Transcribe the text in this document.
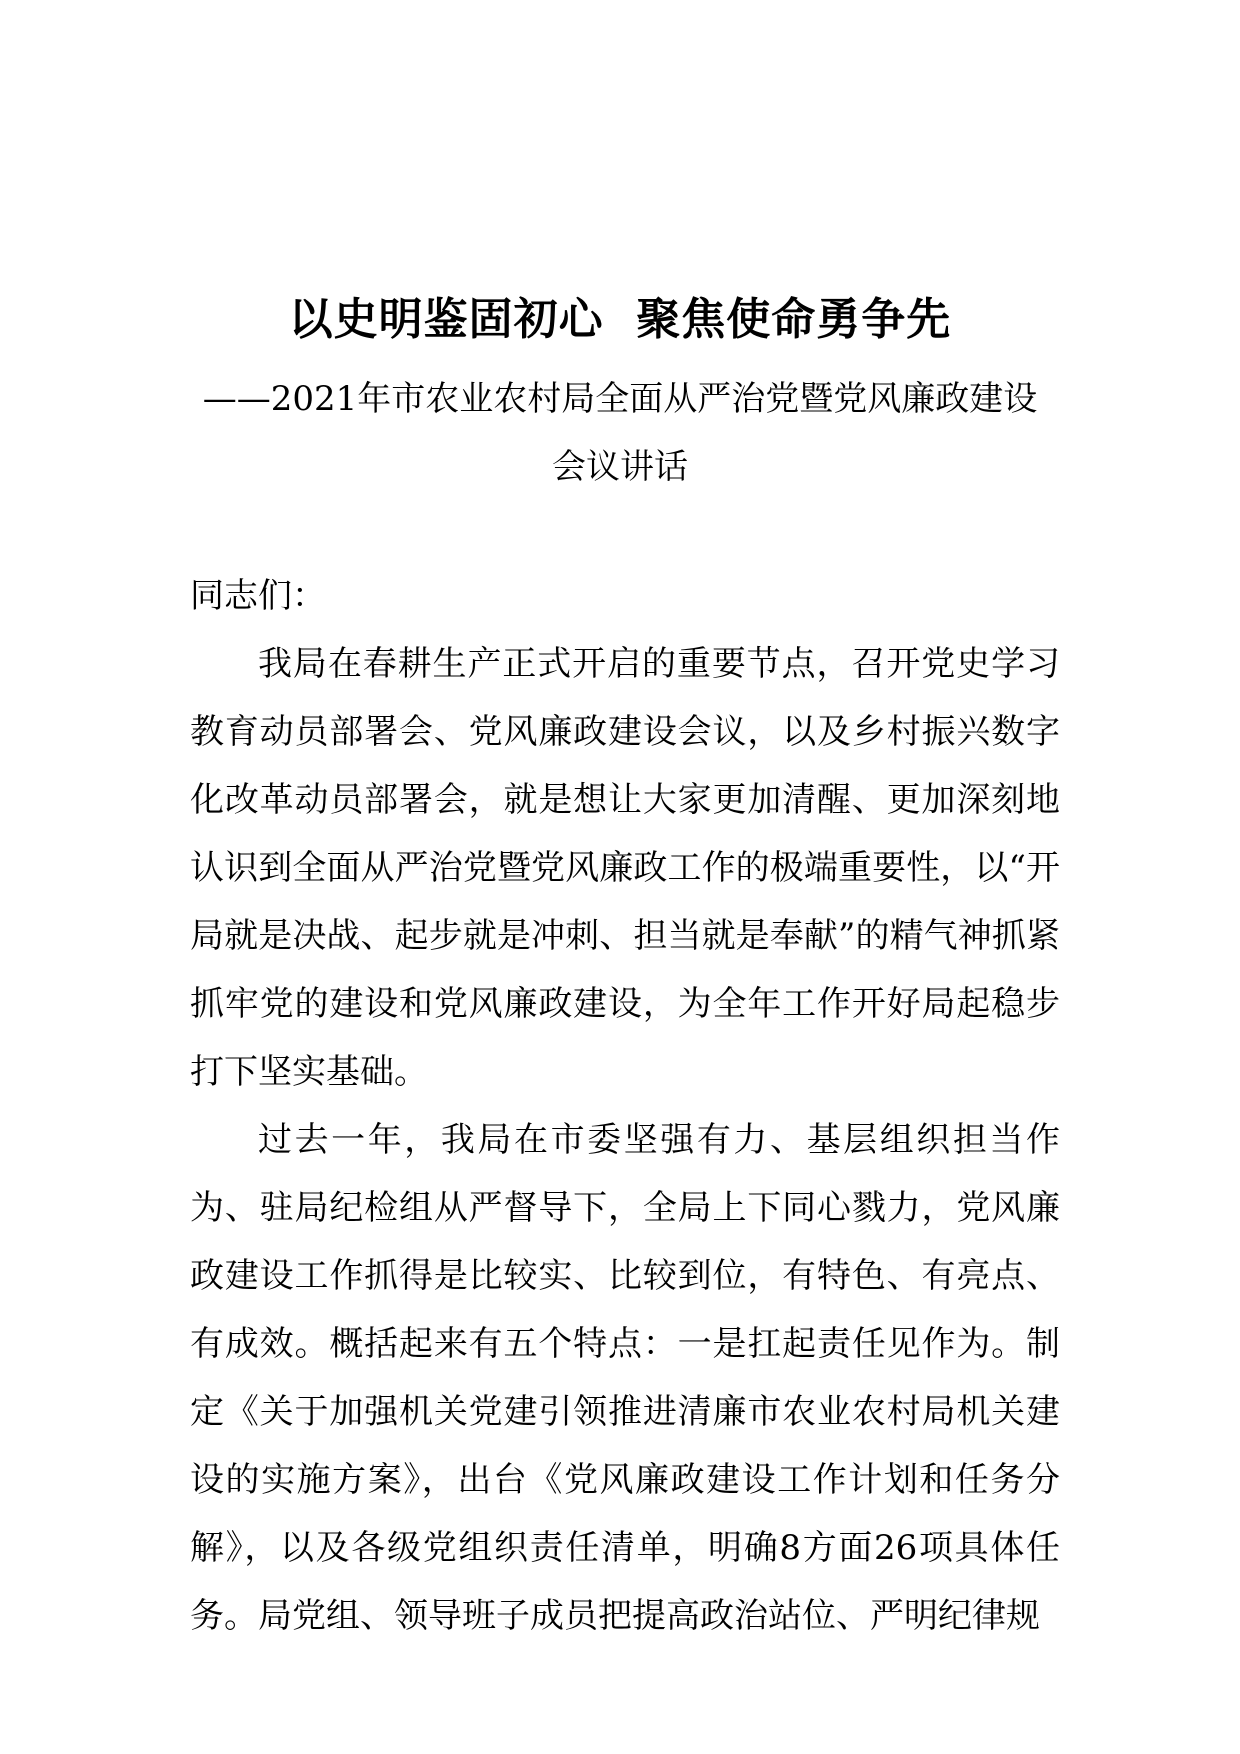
以史明鉴固初心  聚焦使命勇争先
——2021年市农业农村局全面从严治党暨党风廉政建设会议讲话

同志们：

我局在春耕生产正式开启的重要节点，召开党史学习教育动员部署会、党风廉政建设会议，以及乡村振兴数字化改革动员部署会，就是想让大家更加清醒、更加深刻地认识到全面从严治党暨党风廉政工作的极端重要性，以“开局就是决战、起步就是冲刺、担当就是奉献”的精气神抓紧抓牢党的建设和党风廉政建设，为全年工作开好局起稳步打下坚实基础。

过去一年，我局在市委坚强有力、基层组织担当作为、驻局纪检组从严督导下，全局上下同心戮力，党风廉政建设工作抓得是比较实、比较到位，有特色、有亮点、有成效。概括起来有五个特点：一是扛起责任见作为。制定《关于加强机关党建引领推进清廉市农业农村局机关建设的实施方案》，出台《党风廉政建设工作计划和任务分解》，以及各级党组织责任清单，明确8方面26项具体任务。局党组、领导班子成员把提高政治站位、严明纪律规
